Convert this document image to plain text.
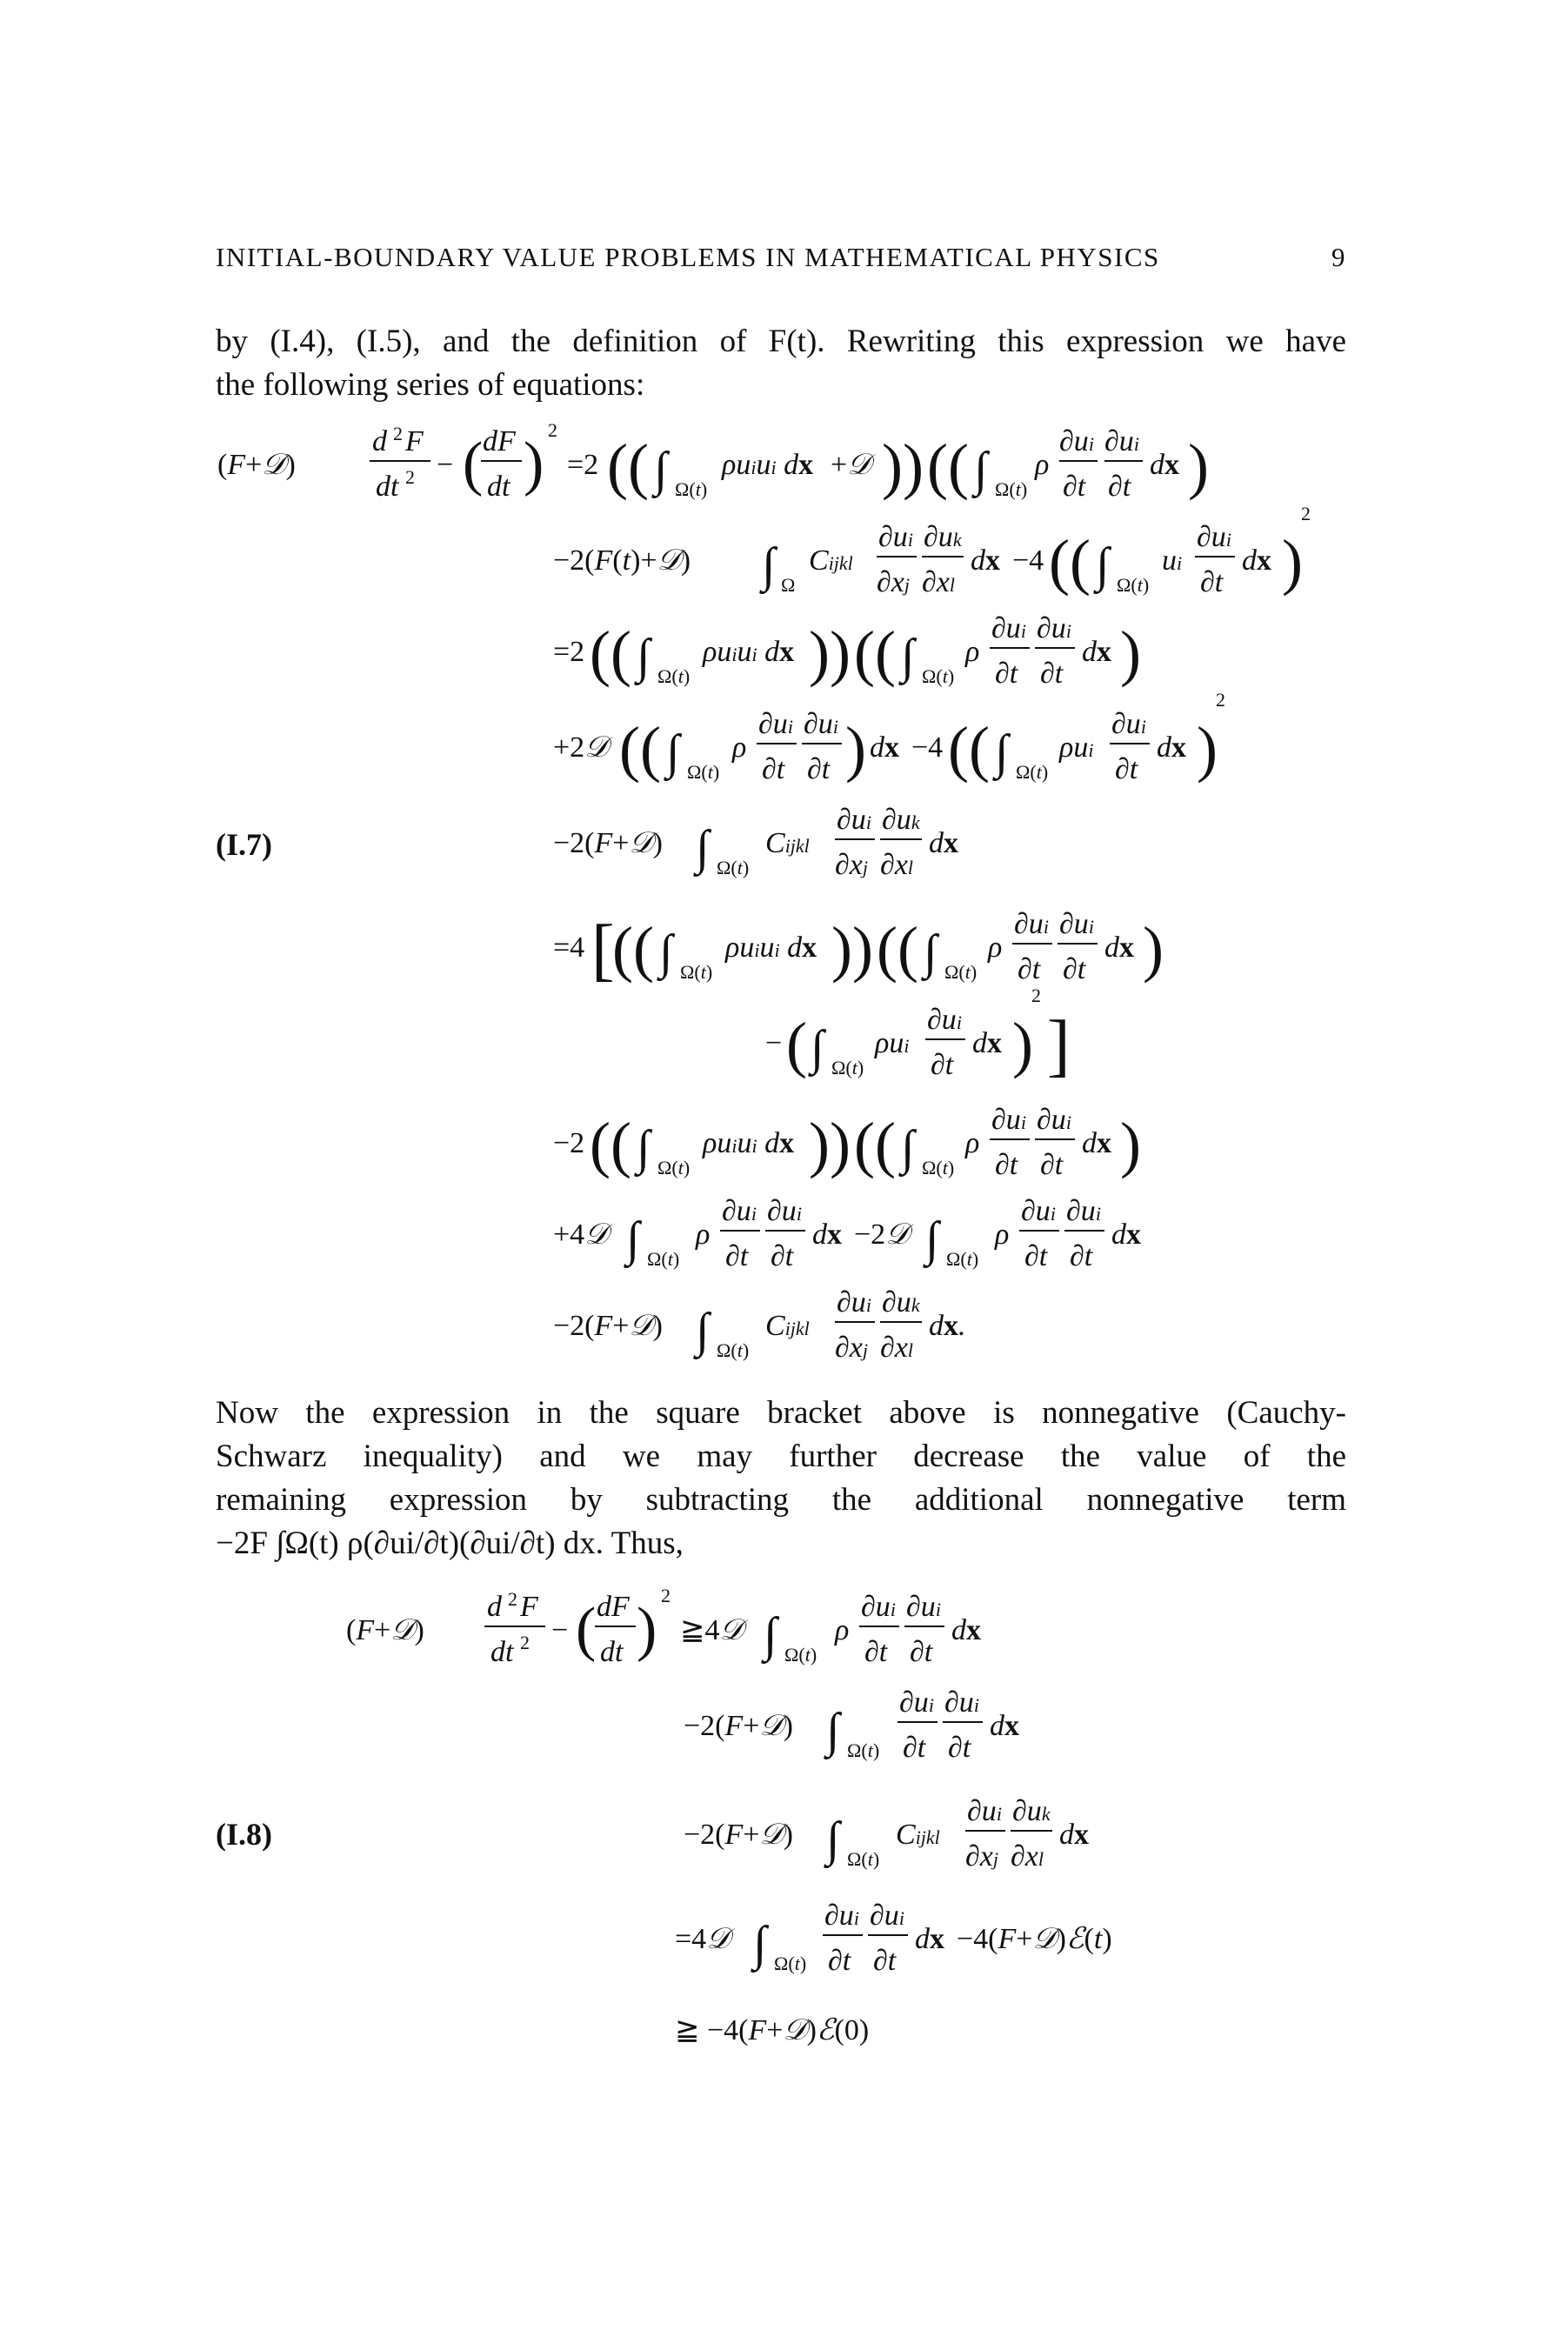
INITIAL-BOUNDARY VALUE PROBLEMS IN MATHEMATICAL PHYSICS	9
by (I.4), (I.5), and the definition of F(t). Rewriting this expression we have
the following series of equations:
(I.7)
(F+𝒟)
d 2 F
dt 2 − ( dF
dt )
2
=2 (( ∫ Ω(t)
ρuiui dx +𝒟 )) (( ∫ Ω(t)
ρ
∂ui
∂t
∂ui
∂t
dx )
−2(F(t)+𝒟) ∫ Ω
Cijkl
∂ui
∂xj
∂uk
∂xl
dx −4 (( ∫ Ω(t)
ui
∂ui
∂t
dx )
2
=2 (( ∫ Ω(t)
ρuiui dx )) (( ∫ Ω(t)
ρ
∂ui
∂t
∂ui
∂t
dx )
+2𝒟 (( ∫ Ω(t)
ρ
∂ui
∂t
∂ui
∂t ) dx −4 (( ∫ Ω(t)
ρui
∂ui
∂t
dx )
2
−2(F+𝒟) ∫ Ω(t)
Cijkl
∂ui
∂xj
∂uk
∂xl
dx
=4 [
(( ∫ Ω(t)
ρuiui dx )) (( ∫ Ω(t)
ρ
∂ui
∂t
∂ui
∂t
dx )
− ( ∫ Ω(t)
ρui
∂ui
∂t
dx )
2
]
−2 (( ∫ Ω(t)
ρuiui dx )) (( ∫ Ω(t)
ρ
∂ui
∂t
∂ui
∂t
dx )
+4𝒟 ∫ Ω(t)
ρ
∂ui
∂t
∂ui
∂t
dx −2𝒟 ∫ Ω(t)
ρ
∂ui
∂t
∂ui
∂t
dx
−2(F+𝒟) ∫ Ω(t)
Cijkl
∂ui
∂xj
∂uk
∂xl
dx.
Now the expression in the square bracket above is nonnegative (Cauchy-
Schwarz inequality) and we may further decrease the value of the
remaining expression by subtracting the additional nonnegative term
−2F ∫Ω(t) ρ(∂ui/∂t)(∂ui/∂t) dx. Thus,
(I.8)
(F+𝒟)
d 2 F
dt 2 − ( dF
dt )
2
≧4𝒟 ∫ Ω(t)
ρ
∂ui
∂t
∂ui
∂t
dx
−2(F+𝒟) ∫ Ω(t)
∂ui
∂t
∂ui
∂t
dx
−2(F+𝒟) ∫ Ω(t)
Cijkl
∂ui
∂xj
∂uk
∂xl
dx
=4𝒟 ∫ Ω(t)
∂ui
∂t
∂ui
∂t
dx −4(F+𝒟)ℰ(t)
≧ −4(F+𝒟)ℰ(0)
